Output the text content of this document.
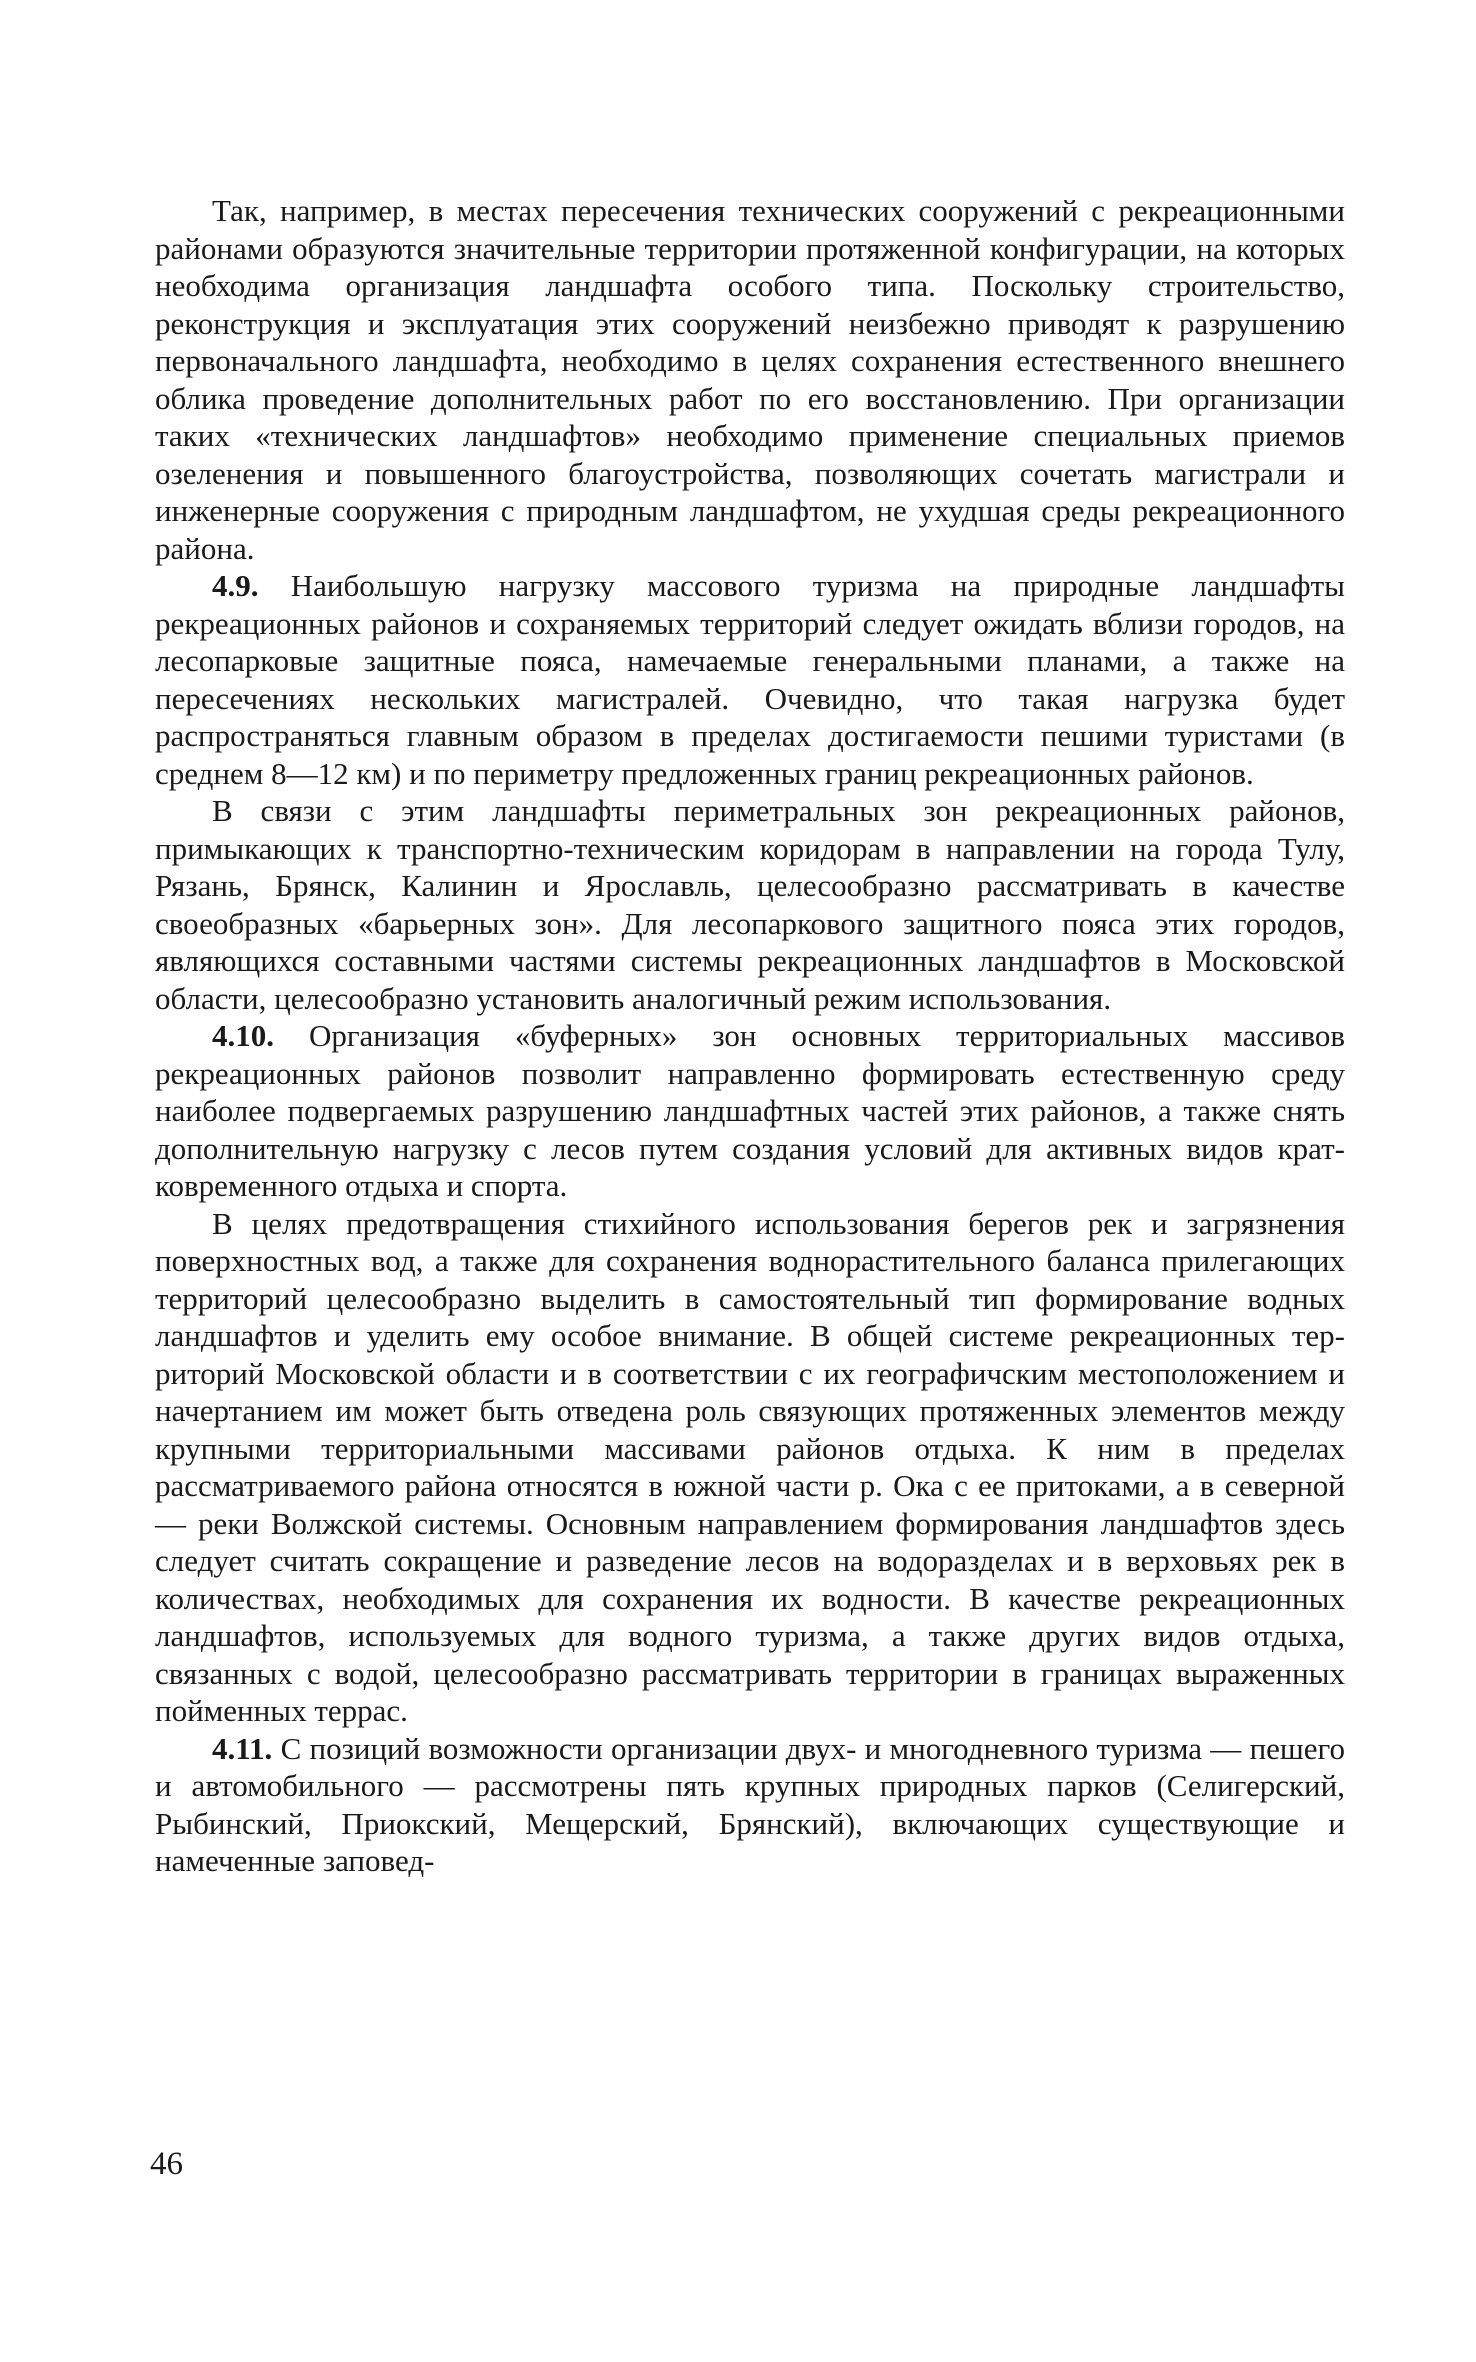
Так, например, в местах пересечения технических сооружений с рекреационными районами образуются значительные территории протяженной конфигурации, на которых необходима организация ландшафта особого типа. Поскольку строительство, реконструкция и эксплуатация этих сооружений неизбежно приводят к разрушению первоначального ландшафта, необходимо в целях сохранения естественного внешнего облика проведение дополнительных работ по его восстановлению. При организации таких «технических ландшафтов» необходимо применение специальных приемов озеленения и повышенного благоустройства, позволяющих сочетать магистрали и инженерные сооружения с природным ландшафтом, не ухудшая среды рекреационного района.

4.9. Наибольшую нагрузку массового туризма на природные ландшафты рекреационных районов и сохраняемых территорий следует ожидать вблизи городов, на лесопарковые защитные пояса, намечаемые генеральными планами, а также на пересечениях нескольких магистралей. Очевидно, что такая нагрузка будет распространяться главным образом в пределах достигаемости пешими туристами (в среднем 8—12 км) и по периметру предложенных границ рекреационных районов.

В связи с этим ландшафты периметральных зон рекреационных районов, примыкающих к транспортно-техническим коридорам в направлении на города Тулу, Рязань, Брянск, Калинин и Ярославль, целесообразно рассматривать в качестве своеобразных «барьерных зон». Для лесопаркового защитного пояса этих городов, являющихся составными частями системы рекреационных ландшафтов в Московской области, целесообразно установить аналогичный режим использования.

4.10. Организация «буферных» зон основных территориальных массивов рекреационных районов позволит направленно формировать естественную среду наиболее подвергаемых разрушению ландшафтных частей этих районов, а также снять дополнительную нагрузку с лесов путем создания условий для активных видов кратковременного отдыха и спорта.

В целях предотвращения стихийного использования берегов рек и загрязнения поверхностных вод, а также для сохранения воднорастительного баланса прилегающих территорий целесообразно выделить в самостоятельный тип формирование водных ландшафтов и уделить ему особое внимание. В общей системе рекреационных территорий Московской области и в соответствии с их географичским местоположением и начертанием им может быть отведена роль связующих протяженных элементов между крупными территориальными массивами районов отдыха. К ним в пределах рассматриваемого района относятся в южной части р. Ока с ее притоками, а в северной — реки Волжской системы. Основным направлением формирования ландшафтов здесь следует считать сокращение и разведение лесов на водоразделах и в верховьях рек в количествах, необходимых для сохранения их водности. В качестве рекреационных ландшафтов, используемых для водного туризма, а также других видов отдыха, связанных с водой, целесообразно рассматривать территории в границах выраженных пойменных террас.

4.11. С позиций возможности организации двух- и многодневного туризма — пешего и автомобильного — рассмотрены пять крупных природных парков (Селигерский, Рыбинский, Приокский, Мещерский, Брянский), включающих существующие и намеченные заповед-

46
